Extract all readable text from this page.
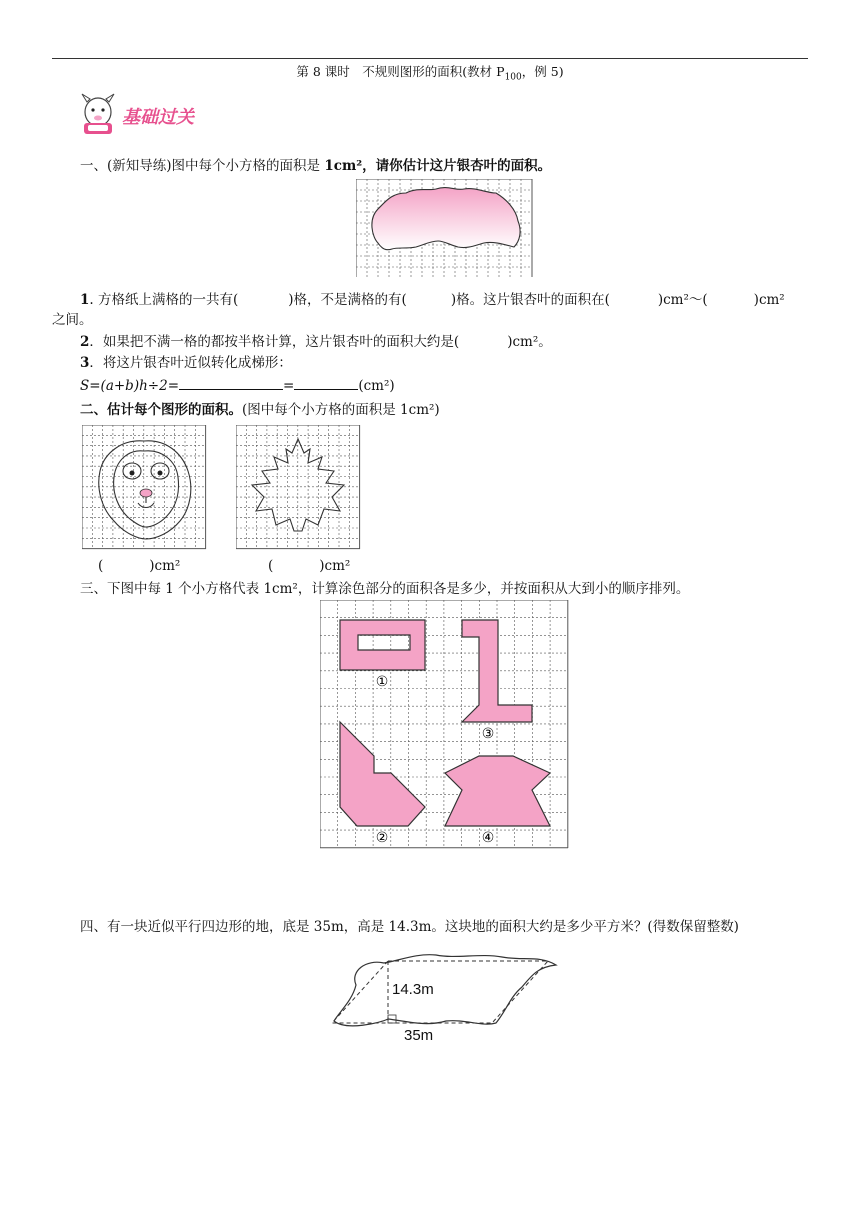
第 8 课时　不规则图形的面积(教材 $P_{100}$，例 5)
基础过关
一、(新知导练)图中每个小方格的面积是 1cm²，请你估计这片银杏叶的面积。
1. 方格纸上满格的一共有(	)格，不是满格的有(	)格。这片银杏叶的面积在(	)cm²～(	)cm²
之间。
2．如果把不满一格的都按半格计算，这片银杏叶的面积大约是(	)cm²。
3．将这片银杏叶近似转化成梯形：
S=(a+b)h÷2=	=	(cm²)
二、估计每个图形的面积。(图中每个小方格的面积是 1cm²)
(	)cm²	(	)cm²
三、下图中每 1 个小方格代表 1cm²，计算涂色部分的面积各是多少，并按面积从大到小的顺序排列。
①
②
③
④
四、有一块近似平行四边形的地，底是 35m，高是 14.3m。这块地的面积大约是多少平方米？(得数保留整数)
14.3m
35m
